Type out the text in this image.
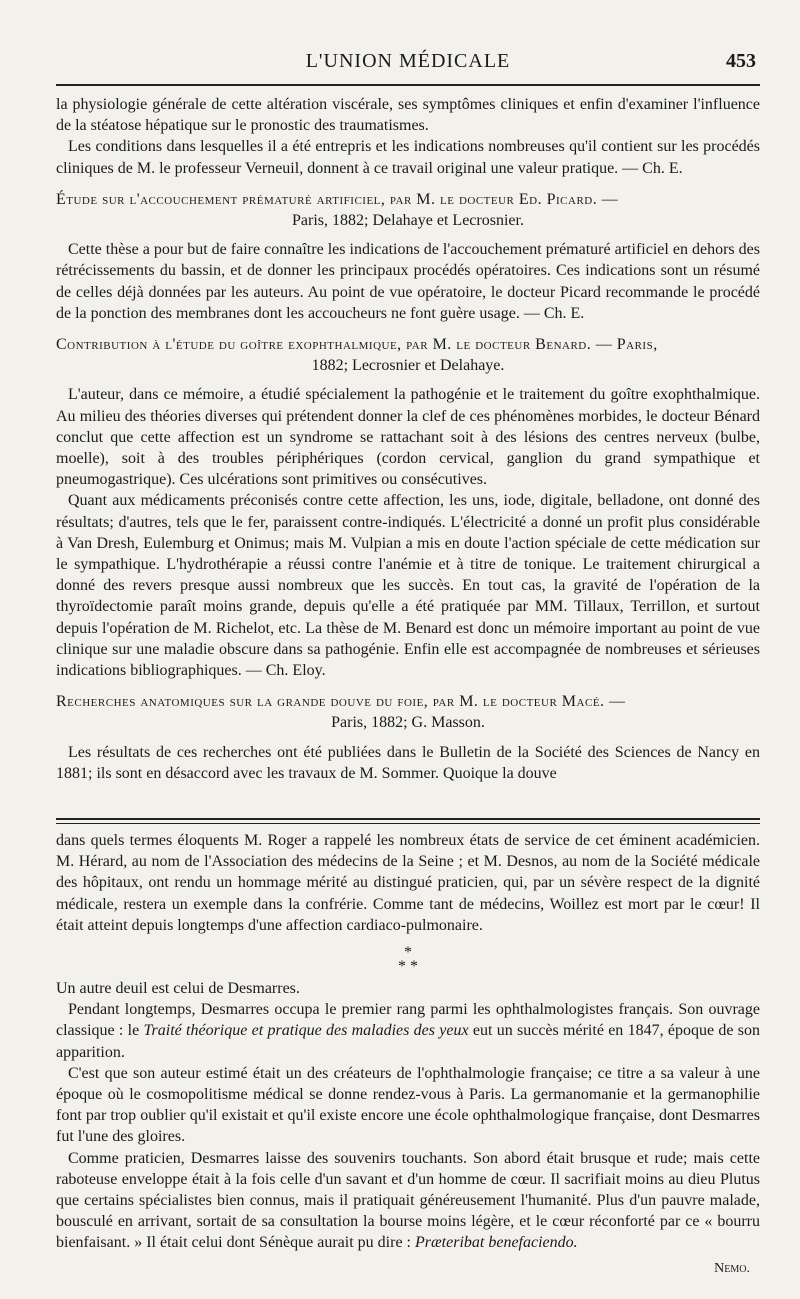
L'UNION MÉDICALE	453

la physiologie générale de cette altération viscérale, ses symptômes cliniques et enfin d'examiner l'influence de la stéatose hépatique sur le pronostic des traumatismes.

Les conditions dans lesquelles il a été entrepris et les indications nombreuses qu'il contient sur les procédés cliniques de M. le professeur Verneuil, donnent à ce travail original une valeur pratique. — Ch. E.

Étude sur l'accouchement prématuré artificiel, par M. le docteur Ed. Picard. —
Paris, 1882; Delahaye et Lecrosnier.

Cette thèse a pour but de faire connaître les indications de l'accouchement prématuré artificiel en dehors des rétrécissements du bassin, et de donner les principaux procédés opératoires. Ces indications sont un résumé de celles déjà données par les auteurs. Au point de vue opératoire, le docteur Picard recommande le procédé de la ponction des membranes dont les accoucheurs ne font guère usage. — Ch. E.

Contribution à l'étude du goître exophthalmique, par M. le docteur Benard. — Paris,
1882; Lecrosnier et Delahaye.

L'auteur, dans ce mémoire, a étudié spécialement la pathogénie et le traitement du goître exophthalmique. Au milieu des théories diverses qui prétendent donner la clef de ces phénomènes morbides, le docteur Bénard conclut que cette affection est un syndrome se rattachant soit à des lésions des centres nerveux (bulbe, moelle), soit à des troubles périphériques (cordon cervical, ganglion du grand sympathique et pneumogastrique). Ces ulcérations sont primitives ou consécutives.

Quant aux médicaments préconisés contre cette affection, les uns, iode, digitale, belladone, ont donné des résultats; d'autres, tels que le fer, paraissent contre-indiqués. L'électricité a donné un profit plus considérable à Van Dresh, Eulemburg et Onimus; mais M. Vulpian a mis en doute l'action spéciale de cette médication sur le sympathique. L'hydrothérapie a réussi contre l'anémie et à titre de tonique. Le traitement chirurgical a donné des revers presque aussi nombreux que les succès. En tout cas, la gravité de l'opération de la thyroïdectomie paraît moins grande, depuis qu'elle a été pratiquée par MM. Tillaux, Terrillon, et surtout depuis l'opération de M. Richelot, etc. La thèse de M. Benard est donc un mémoire important au point de vue clinique sur une maladie obscure dans sa pathogénie. Enfin elle est accompagnée de nombreuses et sérieuses indications bibliographiques. — Ch. Eloy.

Recherches anatomiques sur la grande douve du foie, par M. le docteur Macé. —
Paris, 1882; G. Masson.

Les résultats de ces recherches ont été publiées dans le Bulletin de la Société des Sciences de Nancy en 1881; ils sont en désaccord avec les travaux de M. Sommer. Quoique la douve

dans quels termes éloquents M. Roger a rappelé les nombreux états de service de cet éminent académicien. M. Hérard, au nom de l'Association des médecins de la Seine ; et M. Desnos, au nom de la Société médicale des hôpitaux, ont rendu un hommage mérité au distingué praticien, qui, par un sévère respect de la dignité médicale, restera un exemple dans la confrérie. Comme tant de médecins, Woillez est mort par le cœur! Il était atteint depuis longtemps d'une affection cardiaco-pulmonaire.

*
* *

Un autre deuil est celui de Desmarres.

Pendant longtemps, Desmarres occupa le premier rang parmi les ophthalmologistes français. Son ouvrage classique : le Traité théorique et pratique des maladies des yeux eut un succès mérité en 1847, époque de son apparition.

C'est que son auteur estimé était un des créateurs de l'ophthalmologie française; ce titre a sa valeur à une époque où le cosmopolitisme médical se donne rendez-vous à Paris. La germanomanie et la germanophilie font par trop oublier qu'il existait et qu'il existe encore une école ophthalmologique française, dont Desmarres fut l'une des gloires.

Comme praticien, Desmarres laisse des souvenirs touchants. Son abord était brusque et rude; mais cette raboteuse enveloppe était à la fois celle d'un savant et d'un homme de cœur. Il sacrifiait moins au dieu Plutus que certains spécialistes bien connus, mais il pratiquait généreusement l'humanité. Plus d'un pauvre malade, bousculé en arrivant, sortait de sa consultation la bourse moins légère, et le cœur réconforté par ce « bourru bienfaisant. » Il était celui dont Sénèque aurait pu dire : Præteribat benefaciendo.

Nemo.
